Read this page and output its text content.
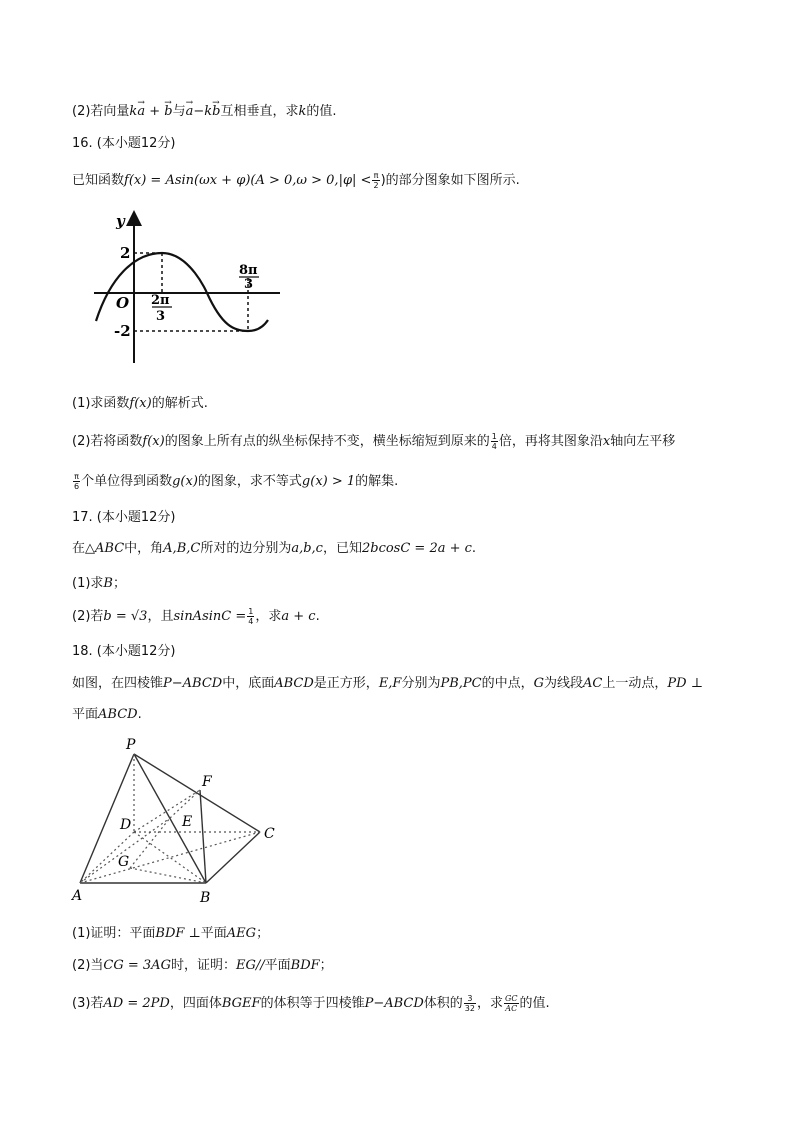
(2)若向量k→ a + → b与→ a−k→ b互相垂直，求k的值.
16. (本小题12分)
已知函数$f(x) = Asin(\omega x + \varphi)(A > 0,\omega > 0,|\varphi| < \frac{\pi}{2}$ )的部分图象如下图所示.
y
2
O
-2
2π
3
8π
3
(1)求函数f(x)的解析式.
(2)若将函数f(x)的图象上所有点的纵坐标保持不变，横坐标缩短到原来的 $\frac{1}{4}$ 倍，再将其图象沿x轴向左平移
$\frac{\pi}{6}$ 个单位得到函数g(x)的图象，求不等式g(x) > 1的解集.
17. (本小题12分)
在△ABC中，角A,B,C所对的边分别为a,b,c，已知2bcosC = 2a + c.
(1)求B；
(2)若b = √3，且sinAsinC = $\frac{1}{4}$ ，求a + c.
18. (本小题12分)
如图，在四棱锥P−ABCD中，底面ABCD是正方形，E,F分别为PB,PC的中点，G为线段AC上一动点，PD ⊥
平面ABCD.
P
F
D	E
C
G
A	B
(1)证明：平面BDF ⊥平面AEG；
(2)当CG = 3AG时，证明：EG//平面BDF；
(3)若AD = 2PD，四面体BGEF的体积等于四棱锥P−ABCD体积的 $\frac{3}{32}$ ，求 $\frac{GC}{AC}$ 的值.
